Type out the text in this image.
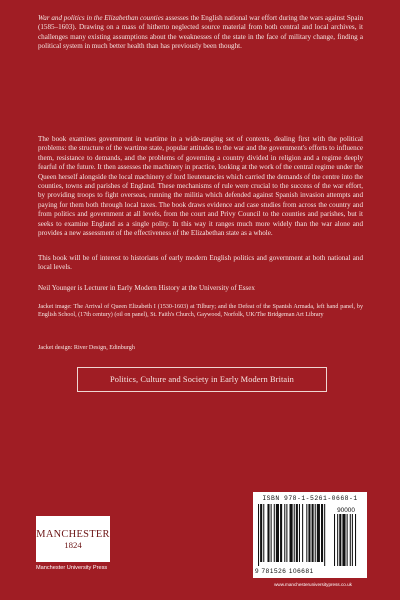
War and politics in the Elizabethan counties assesses the English national war effort during the wars against Spain (1585–1603). Drawing on a mass of hitherto neglected source material from both central and local archives, it challenges many existing assumptions about the weaknesses of the state in the face of military change, finding a political system in much better health than has previously been thought.

The book examines government in wartime in a wide-ranging set of contexts, dealing first with the political problems: the structure of the wartime state, popular attitudes to the war and the government's efforts to influence them, resistance to demands, and the problems of governing a country divided in religion and a regime deeply fearful of the future. It then assesses the machinery in practice, looking at the work of the central regime under the Queen herself alongside the local machinery of lord lieutenancies which carried the demands of the centre into the counties, towns and parishes of England. These mechanisms of rule were crucial to the success of the war effort, by providing troops to fight overseas, running the militia which defended against Spanish invasion attempts and paying for them both through local taxes. The book draws evidence and case studies from across the country and from politics and government at all levels, from the court and Privy Council to the counties and parishes, but it seeks to examine England as a single polity. In this way it ranges much more widely than the war alone and provides a new assessment of the effectiveness of the Elizabethan state as a whole.

This book will be of interest to historians of early modern English politics and government at both national and local levels.

Neil Younger is Lecturer in Early Modern History at the University of Essex

Jacket image: The Arrival of Queen Elizabeth I (1530-1603) at Tilbury; and the Defeat of the Spanish Armada, left hand panel, by English School, (17th century) (oil on panel), St. Faith's Church, Gaywood, Norfolk, UK/The Bridgeman Art Library

Jacket design: River Design, Edinburgh

Politics, Culture and Society in Early Modern Britain
MANCHESTER
1824
Manchester University Press
ISBN 978-1-5261-0668-1
90000
9 781526 106681
www.manchesteruniversitypress.co.uk
